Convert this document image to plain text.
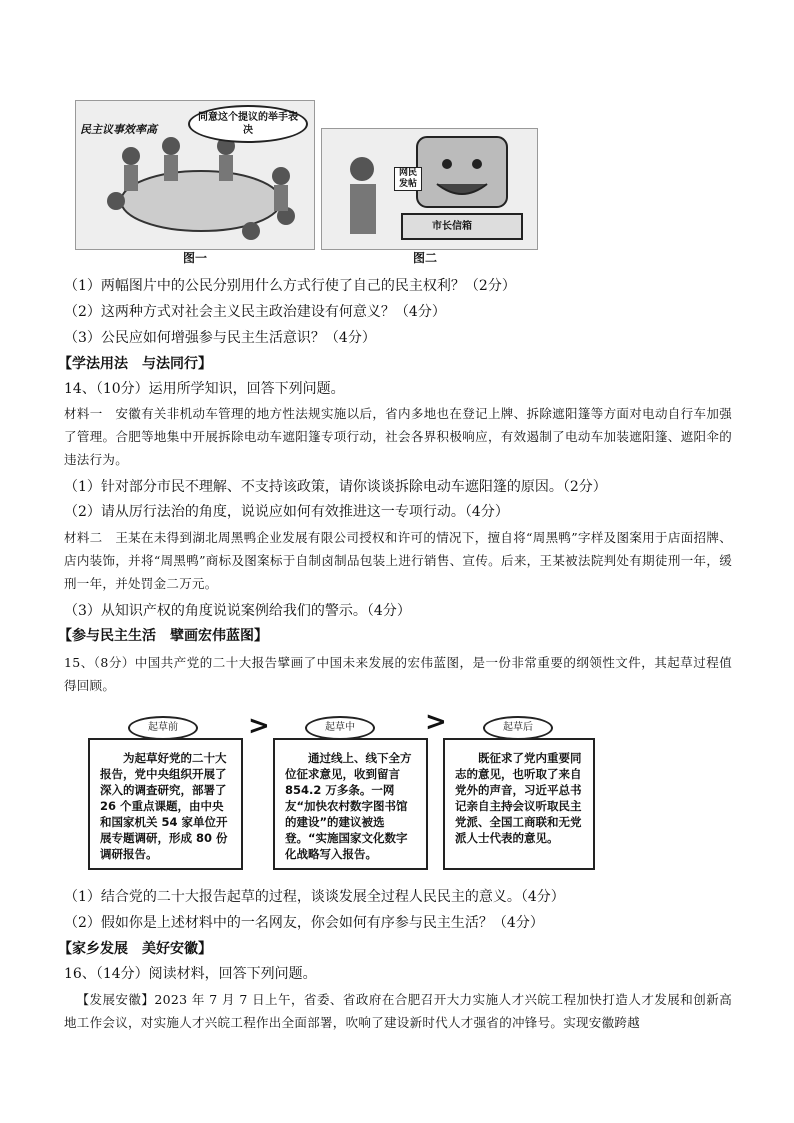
民主议事效率高
同意这个提议的举手表决
图一
网民发帖
市长信箱
图二
（1）两幅图片中的公民分别用什么方式行使了自己的民主权利？（2分）
（2）这两种方式对社会主义民主政治建设有何意义？（4分）
（3）公民应如何增强参与民主生活意识？（4分）
【学法用法　与法同行】
14、（10分）运用所学知识，回答下列问题。
材料一　安徽有关非机动车管理的地方性法规实施以后，省内多地也在登记上牌、拆除遮阳篷等方面对电动自行车加强了管理。合肥等地集中开展拆除电动车遮阳篷专项行动，社会各界积极响应，有效遏制了电动车加装遮阳篷、遮阳伞的违法行为。
（1）针对部分市民不理解、不支持该政策，请你谈谈拆除电动车遮阳篷的原因。（2分）
（2）请从厉行法治的角度，说说应如何有效推进这一专项行动。（4分）
材料二　王某在未得到湖北周黑鸭企业发展有限公司授权和许可的情况下，擅自将“周黑鸭”字样及图案用于店面招牌、店内装饰，并将“周黑鸭”商标及图案标于自制卤制品包装上进行销售、宣传。后来，王某被法院判处有期徒刑一年，缓刑一年，并处罚金二万元。
（3）从知识产权的角度说说案例给我们的警示。（4分）
【参与民主生活　擘画宏伟蓝图】
15、（8分）中国共产党的二十大报告擘画了中国未来发展的宏伟蓝图，是一份非常重要的纲领性文件，其起草过程值得回顾。
起草前	起草中	起草后
>	>
为起草好党的二十大报告，党中央组织开展了深入的调查研究，部署了 26 个重点课题，由中央和国家机关 54 家单位开展专题调研，形成 80 份调研报告。
通过线上、线下全方位征求意见，收到留言 854.2 万多条。一网友“加快农村数字图书馆的建设”的建议被选登。“实施国家文化数字化战略写入报告。
既征求了党内重要同志的意见，也听取了来自党外的声音，习近平总书记亲自主持会议听取民主党派、全国工商联和无党派人士代表的意见。
（1）结合党的二十大报告起草的过程，谈谈发展全过程人民民主的意义。（4分）
（2）假如你是上述材料中的一名网友，你会如何有序参与民主生活？（4分）
【家乡发展　美好安徽】
16、（14分）阅读材料，回答下列问题。
【发展安徽】2023 年 7 月 7 日上午，省委、省政府在合肥召开大力实施人才兴皖工程加快打造人才发展和创新高地工作会议，对实施人才兴皖工程作出全面部署，吹响了建设新时代人才强省的冲锋号。实现安徽跨越
